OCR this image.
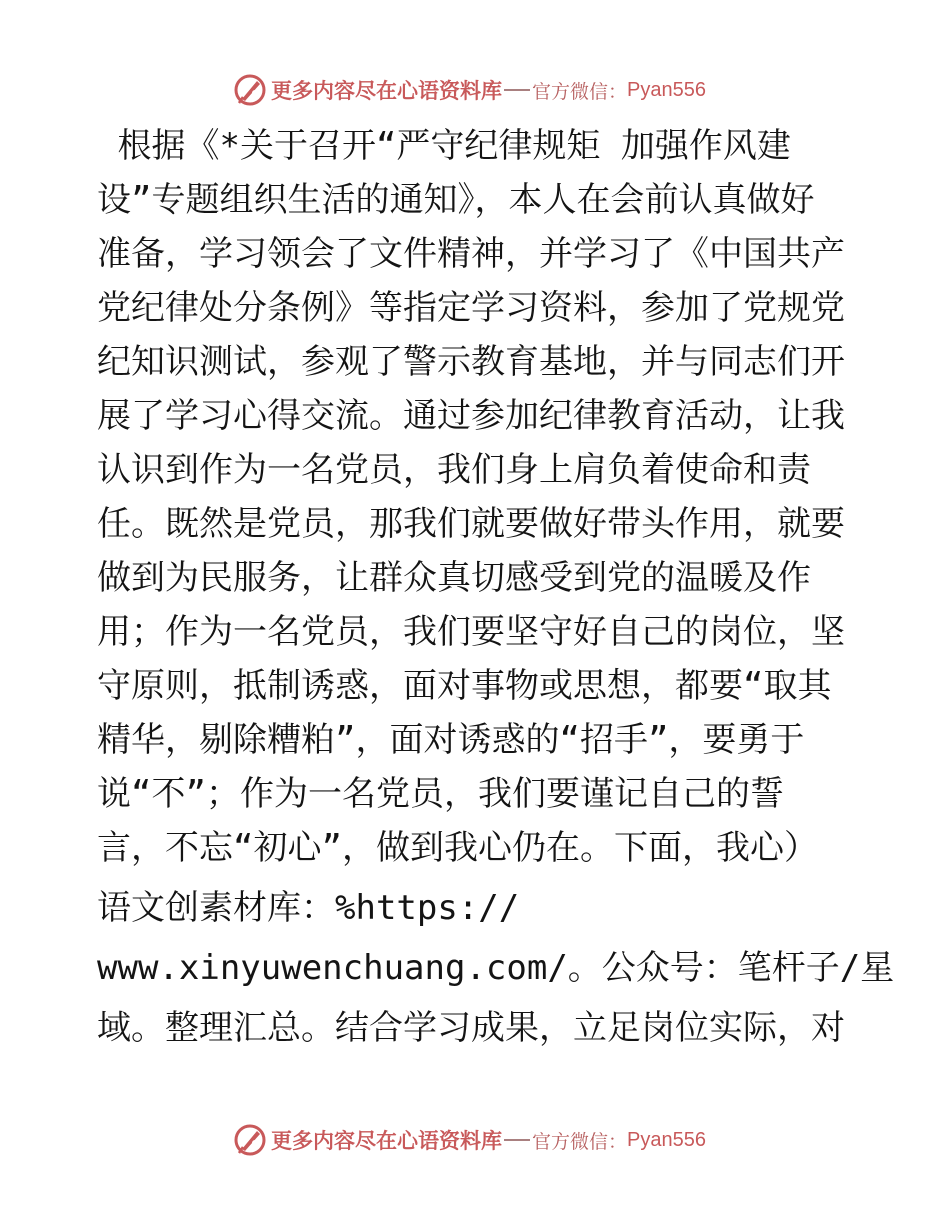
更多内容尽在心语资料库 官方微信： Pyan556
根据《*关于召开“严守纪律规矩 加强作风建
设”专题组织生活的通知》，本人在会前认真做好
准备，学习领会了文件精神，并学习了《中国共产
党纪律处分条例》等指定学习资料，参加了党规党
纪知识测试，参观了警示教育基地，并与同志们开
展了学习心得交流。通过参加纪律教育活动，让我
认识到作为一名党员，我们身上肩负着使命和责
任。既然是党员，那我们就要做好带头作用，就要
做到为民服务，让群众真切感受到党的温暖及作
用；作为一名党员，我们要坚守好自己的岗位，坚
守原则，抵制诱惑，面对事物或思想，都要“取其
精华，剔除糟粕”，面对诱惑的“招手”，要勇于
说“不”；作为一名党员，我们要谨记自己的誓
言，不忘“初心”，做到我心仍在。下面，我心）
语文创素材库：%https://
www.xinyuwenchuang.com/。公众号：笔杆子/星
域。整理汇总。结合学习成果，立足岗位实际，对
更多内容尽在心语资料库 官方微信： Pyan556
